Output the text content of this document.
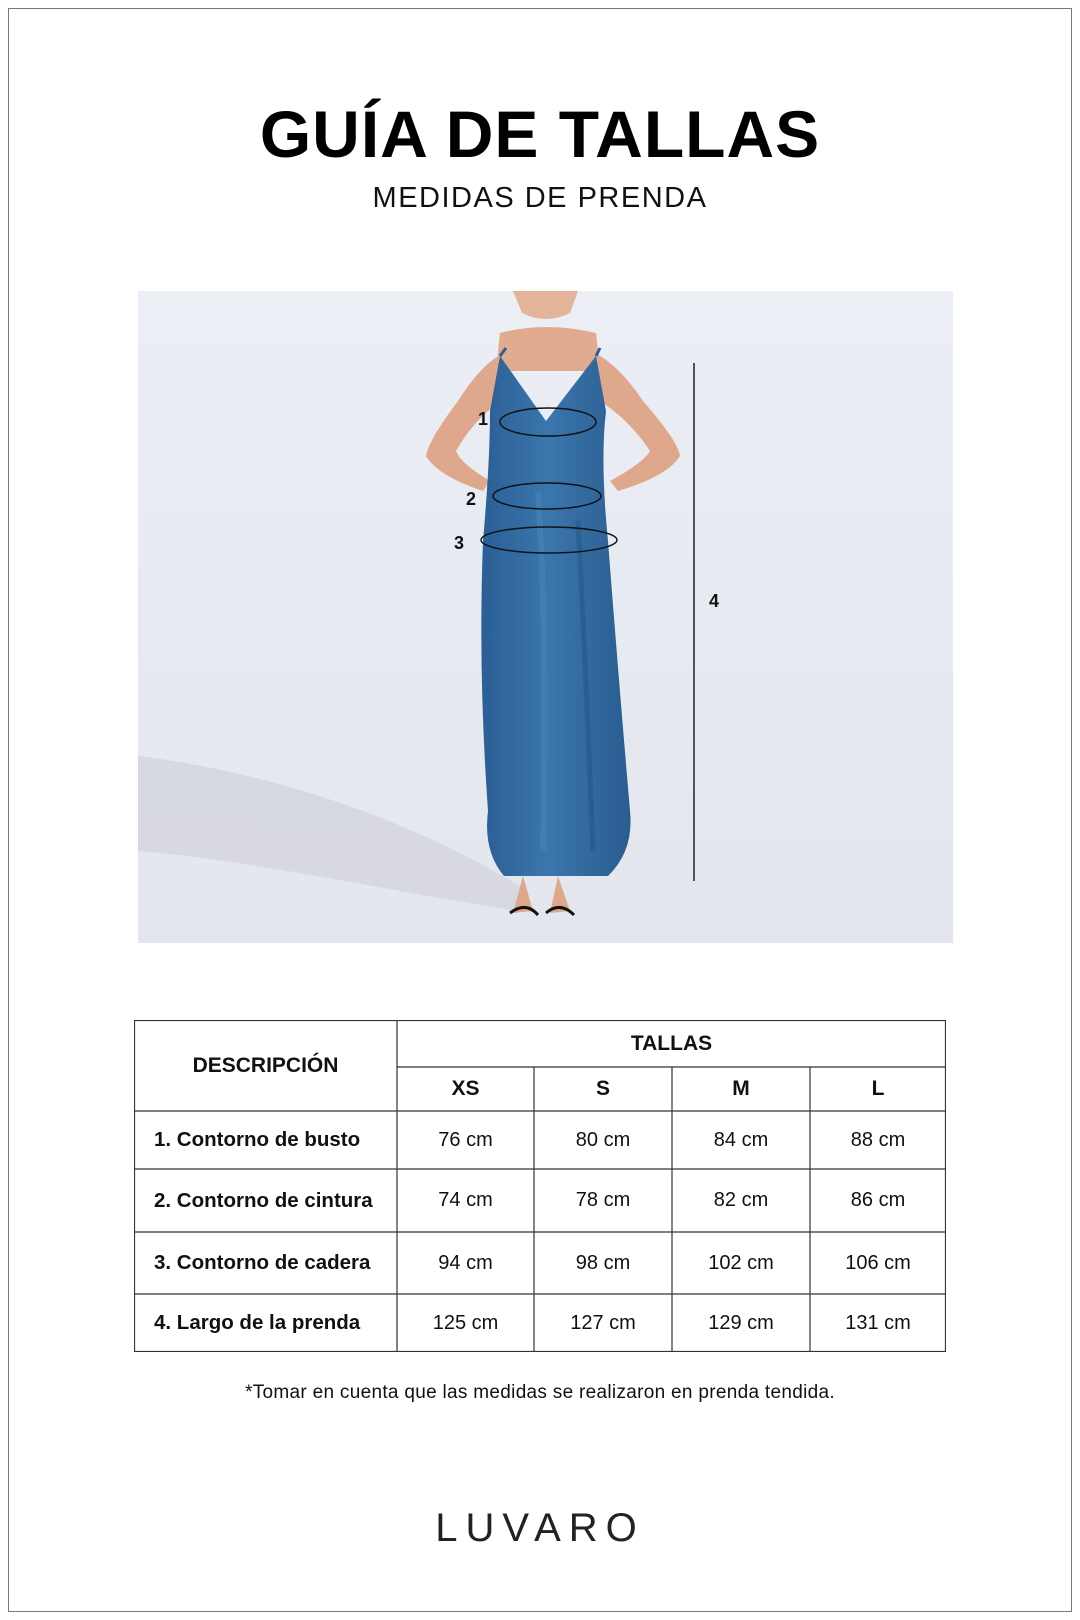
GUÍA DE TALLAS
MEDIDAS DE PRENDA
1
2
3
4
DESCRIPCIÓN
TALLAS
XS	S	M	L
1. Contorno de busto	76 cm	80 cm	84 cm	88 cm
2. Contorno de cintura	74 cm	78 cm	82 cm	86 cm
3. Contorno de cadera	94 cm	98 cm	102 cm	106 cm
4. Largo de la prenda	125 cm	127 cm	129 cm	131 cm
*Tomar en cuenta que las medidas se realizaron en prenda tendida.
LUVARO
